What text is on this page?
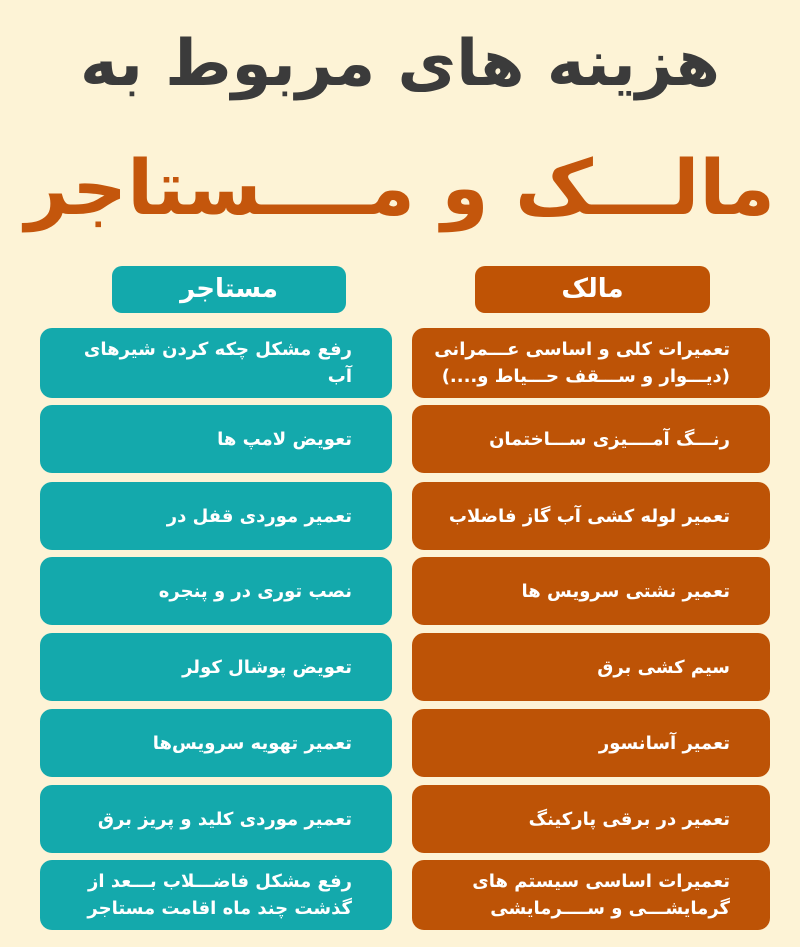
هزینه های مربوط به
مالـــک و مــــستاجر
مالک
مستاجر
تعمیرات کلی و اساسی عـــمرانی (دیـــوار و ســـقف حـــیاط و....)
رنـــگ آمــــیزی ســـاختمان
تعمیر لوله کشی آب گاز فاضلاب
تعمیر نشتی سرویس ها
سیم کشی برق
تعمیر آسانسور
تعمیر در برقی پارکینگ
تعمیرات اساسی سیستم های گرمایشـــی و ســــرمایشی
رفع مشکل چکه کردن شیرهای آب
تعویض لامپ ها
تعمیر موردی قفل در
نصب توری در و پنجره
تعویض پوشال کولر
تعمیر تهویه سرویس‌ها
تعمیر موردی کلید و پریز برق
رفع مشکل فاضـــلاب بـــعد از گذشت چند ماه اقامت مستاجر
